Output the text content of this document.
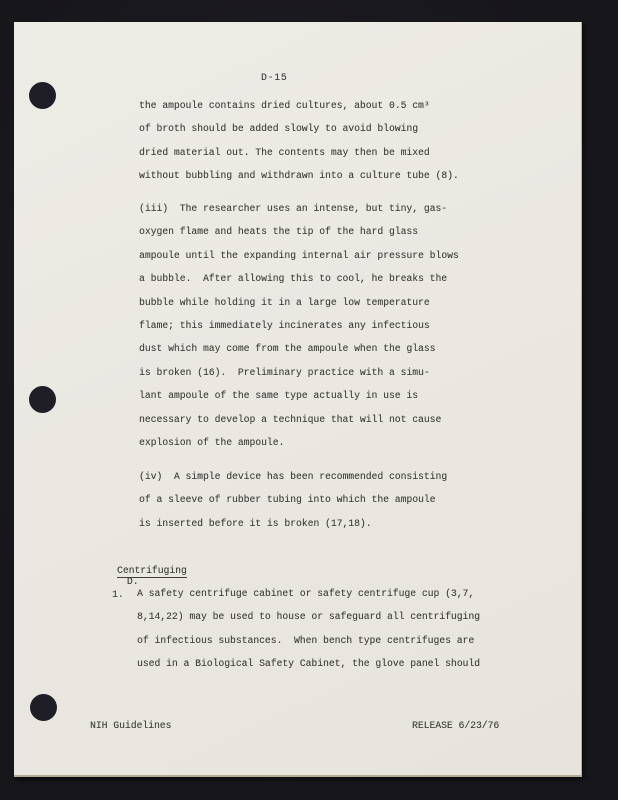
D-15
the ampoule contains dried cultures, about 0.5 cm³
of broth should be added slowly to avoid blowing
dried material out. The contents may then be mixed
without bubbling and withdrawn into a culture tube (8).
(iii)  The researcher uses an intense, but tiny, gas-
oxygen flame and heats the tip of the hard glass
ampoule until the expanding internal air pressure blows
a bubble.  After allowing this to cool, he breaks the
bubble while holding it in a large low temperature
flame; this immediately incinerates any infectious
dust which may come from the ampoule when the glass
is broken (16).  Preliminary practice with a simu-
lant ampoule of the same type actually in use is
necessary to develop a technique that will not cause
explosion of the ampoule.
(iv)  A simple device has been recommended consisting
of a sleeve of rubber tubing into which the ampoule
is inserted before it is broken (17,18).

D.

Centrifuging

1. A safety centrifuge cabinet or safety centrifuge cup (3,7,
8,14,22) may be used to house or safeguard all centrifuging
of infectious substances.  When bench type centrifuges are
used in a Biological Safety Cabinet, the glove panel should
NIH Guidelines	RELEASE 6/23/76
